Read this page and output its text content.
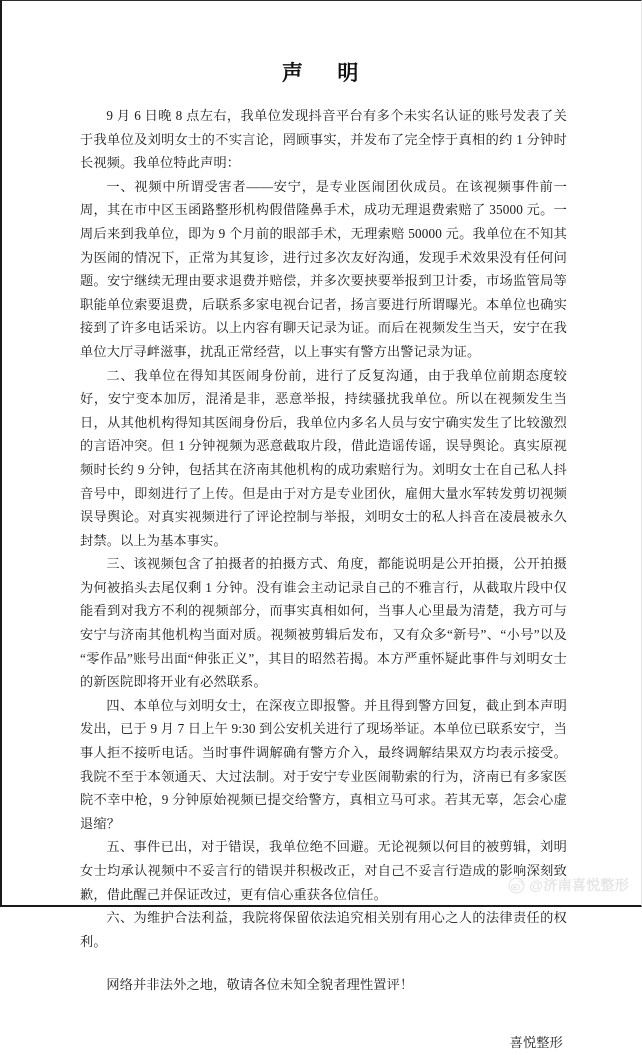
声　明

9 月 6 日晚 8 点左右，我单位发现抖音平台有多个未实名认证的账号发表了关于我单位及刘明女士的不实言论，罔顾事实，并发布了完全悖于真相的约 1 分钟时长视频。我单位特此声明：

一、视频中所谓受害者——安宁，是专业医闹团伙成员。在该视频事件前一周，其在市中区玉函路整形机构假借隆鼻手术，成功无理退费索赔了 35000 元。一周后来到我单位，即为 9 个月前的眼部手术，无理索赔 50000 元。我单位在不知其为医闹的情况下，正常为其复诊，进行过多次友好沟通，发现手术效果没有任何问题。安宁继续无理由要求退费并赔偿，并多次要挟要举报到卫计委，市场监管局等职能单位索要退费，后联系多家电视台记者，扬言要进行所谓曝光。本单位也确实接到了许多电话采访。以上内容有聊天记录为证。而后在视频发生当天，安宁在我单位大厅寻衅滋事，扰乱正常经营，以上事实有警方出警记录为证。

二、我单位在得知其医闹身份前，进行了反复沟通，由于我单位前期态度较好，安宁变本加厉，混淆是非，恶意举报，持续骚扰我单位。所以在视频发生当日，从其他机构得知其医闹身份后，我单位内多名人员与安宁确实发生了比较激烈的言语冲突。但 1 分钟视频为恶意截取片段，借此造谣传谣，误导舆论。真实原视频时长约 9 分钟，包括其在济南其他机构的成功索赔行为。刘明女士在自己私人抖音号中，即刻进行了上传。但是由于对方是专业团伙，雇佣大量水军转发剪切视频误导舆论。对真实视频进行了评论控制与举报，刘明女士的私人抖音在凌晨被永久封禁。以上为基本事实。

三、该视频包含了拍摄者的拍摄方式、角度，都能说明是公开拍摄，公开拍摄为何被掐头去尾仅剩 1 分钟。没有谁会主动记录自己的不雅言行，从截取片段中仅能看到对我方不利的视频部分，而事实真相如何，当事人心里最为清楚，我方可与安宁与济南其他机构当面对质。视频被剪辑后发布，又有众多“新号”、“小号”以及“零作品”账号出面“伸张正义”，其目的昭然若揭。本方严重怀疑此事件与刘明女士的新医院即将开业有必然联系。

四、本单位与刘明女士，在深夜立即报警。并且得到警方回复，截止到本声明发出，已于 9 月 7 日上午 9:30 到公安机关进行了现场举证。本单位已联系安宁，当事人拒不接听电话。当时事件调解确有警方介入，最终调解结果双方均表示接受。我院不至于本领通天、大过法制。对于安宁专业医闹勒索的行为，济南已有多家医院不幸中枪，9 分钟原始视频已提交给警方，真相立马可求。若其无辜，怎会心虚退缩？

五、事件已出，对于错误，我单位绝不回避。无论视频以何目的被剪辑，刘明女士均承认视频中不妥言行的错误并积极改正，对自己不妥言行造成的影响深刻致歉，借此醒己并保证改过，更有信心重获各位信任。

六、为维护合法利益，我院将保留依法追究相关别有用心之人的法律责任的权利。

网络并非法外之地，敬请各位未知全貌者理性置评！

喜悦整形

@济南喜悦整形
